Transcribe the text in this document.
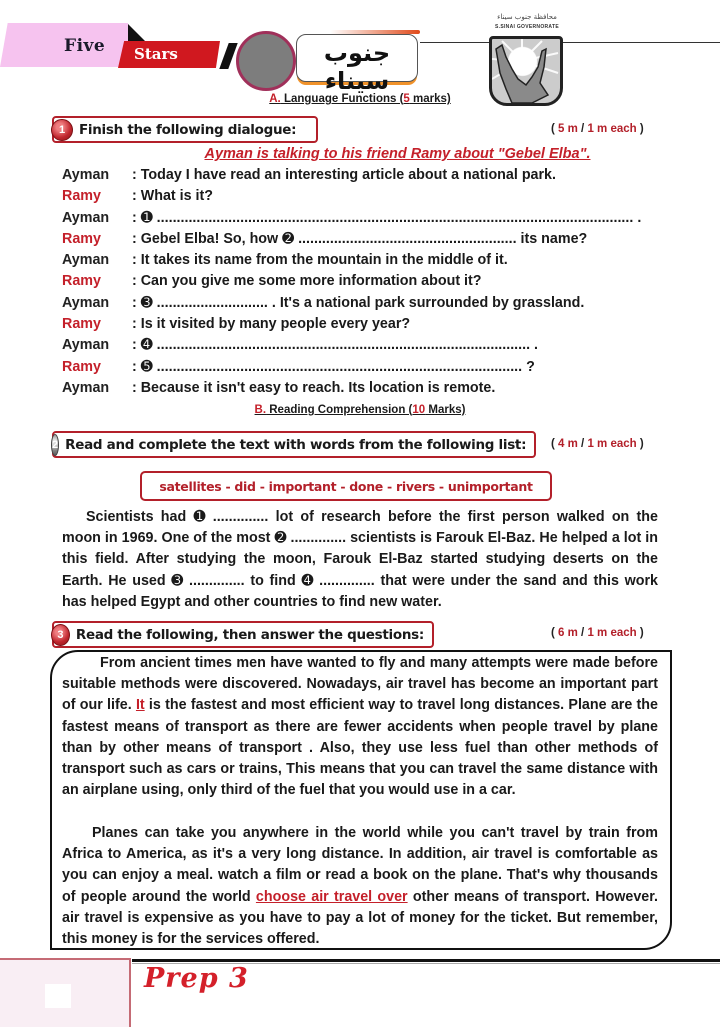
Five Stars	جنوب سيناء
محافظة جنوب سيناء
S.SINAI GOVERNORATE
A. Language Functions (5 marks)
1	Finish the following dialogue:	( 5 m / 1 m each )
Ayman is talking to his friend Ramy about "Gebel Elba".
Ayman	: Today I have read an interesting article about a national park.
Ramy	: What is it?
Ayman	: ➊ ........................................................................................................................ .
Ramy	: Gebel Elba! So, how ➋ ....................................................... its name?
Ayman	: It takes its name from the mountain in the middle of it.
Ramy	: Can you give me some more information about it?
Ayman	: ➌ ............................ . It's a national park surrounded by grassland.
Ramy	: Is it visited by many people every year?
Ayman	: ➍ .............................................................................................. .
Ramy	: ➎ ............................................................................................ ?
Ayman	: Because it isn't easy to reach. Its location is remote.
B. Reading Comprehension (10 Marks)
2 Read and complete the text with words from the following list:	( 4 m / 1 m each )
satellites - did - important - done - rivers - unimportant
Scientists had ➊ .............. lot of research before the first person walked on the moon in 1969. One of the most ➋ .............. scientists is Farouk El-Baz. He helped a lot in this field. After studying the moon, Farouk El-Baz started studying deserts on the Earth. He used ➌ .............. to find ➍ .............. that were under the sand and this work has helped Egypt and other countries to find new water.
3 Read the following, then answer the questions:	( 6 m / 1 m each )
From ancient times men have wanted to fly and many attempts were made before suitable methods were discovered. Nowadays, air travel has become an important part of our life. It is the fastest and most efficient way to travel long distances. Plane are the fastest means of transport as there are fewer accidents when people travel by plane than by other means of transport . Also, they use less fuel than other methods of transport such as cars or trains, This means that you can travel the same distance with an airplane using, only third of the fuel that you would use in a car.
Planes can take you anywhere in the world while you can't travel by train from Africa to America, as it's a very long distance. In addition, air travel is comfortable as you can enjoy a meal. watch a film or read a book on the plane. That's why thousands of people around the world choose air travel over other means of transport. However. air travel is expensive as you have to pay a lot of money for the ticket. But remember, this money is for the services offered.
Prep 3
